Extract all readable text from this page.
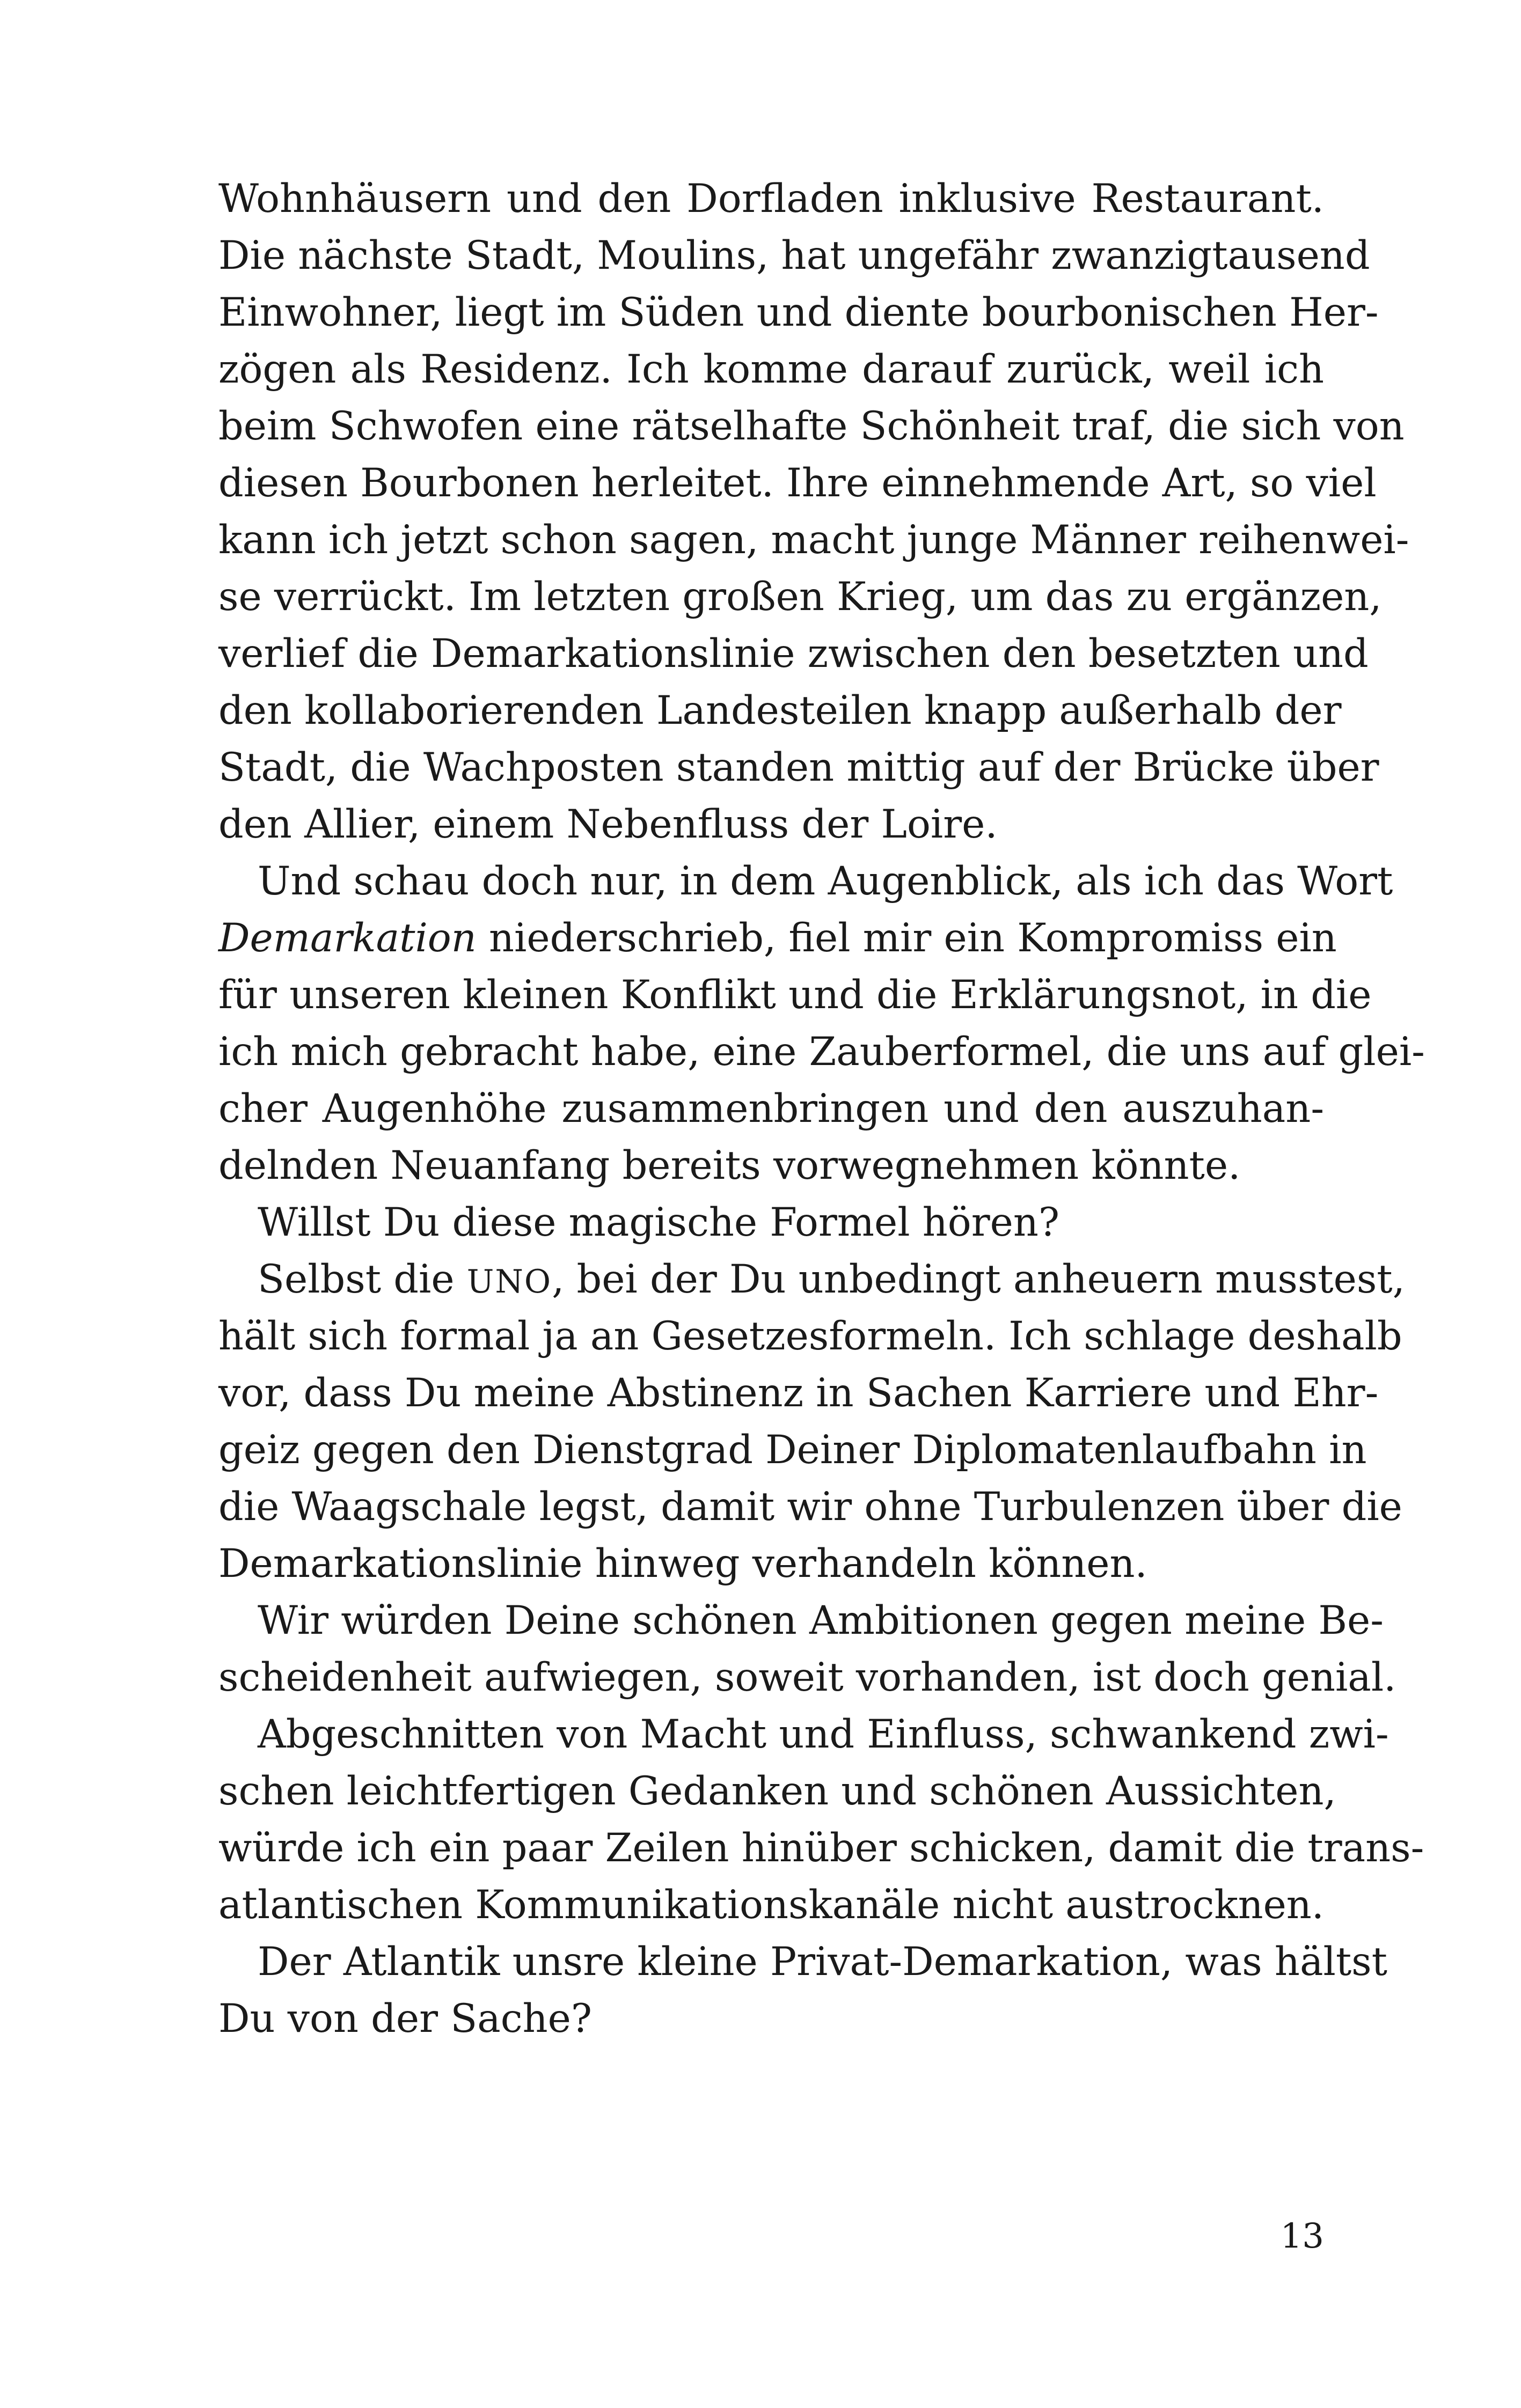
Wohnhäusern und den Dorfladen inklusive Restaurant.
Die nächste Stadt, Moulins, hat ungefähr zwanzigtausend
Einwohner, liegt im Süden und diente bourbonischen Her-
zögen als Residenz. Ich komme darauf zurück, weil ich
beim Schwofen eine rätselhafte Schönheit traf, die sich von
diesen Bourbonen herleitet. Ihre einnehmende Art, so viel
kann ich jetzt schon sagen, macht junge Männer reihenwei-
se verrückt. Im letzten großen Krieg, um das zu ergänzen,
verlief die Demarkationslinie zwischen den besetzten und
den kollaborierenden Landesteilen knapp außerhalb der
Stadt, die Wachposten standen mittig auf der Brücke über
den Allier, einem Nebenfluss der Loire.
Und schau doch nur, in dem Augenblick, als ich das Wort
Demarkation niederschrieb, fiel mir ein Kompromiss ein
für unseren kleinen Konflikt und die Erklärungsnot, in die
ich mich gebracht habe, eine Zauberformel, die uns auf glei-
cher Augenhöhe zusammenbringen und den auszuhan-
delnden Neuanfang bereits vorwegnehmen könnte.
Willst Du diese magische Formel hören?
Selbst die UNO, bei der Du unbedingt anheuern musstest,
hält sich formal ja an Gesetzesformeln. Ich schlage deshalb
vor, dass Du meine Abstinenz in Sachen Karriere und Ehr-
geiz gegen den Dienstgrad Deiner Diplomatenlaufbahn in
die Waagschale legst, damit wir ohne Turbulenzen über die
Demarkationslinie hinweg verhandeln können.
Wir würden Deine schönen Ambitionen gegen meine Be-
scheidenheit aufwiegen, soweit vorhanden, ist doch genial.
Abgeschnitten von Macht und Einfluss, schwankend zwi-
schen leichtfertigen Gedanken und schönen Aussichten,
würde ich ein paar Zeilen hinüber schicken, damit die trans-
atlantischen Kommunikationskanäle nicht austrocknen.
Der Atlantik unsre kleine Privat-Demarkation, was hältst
Du von der Sache?
13
